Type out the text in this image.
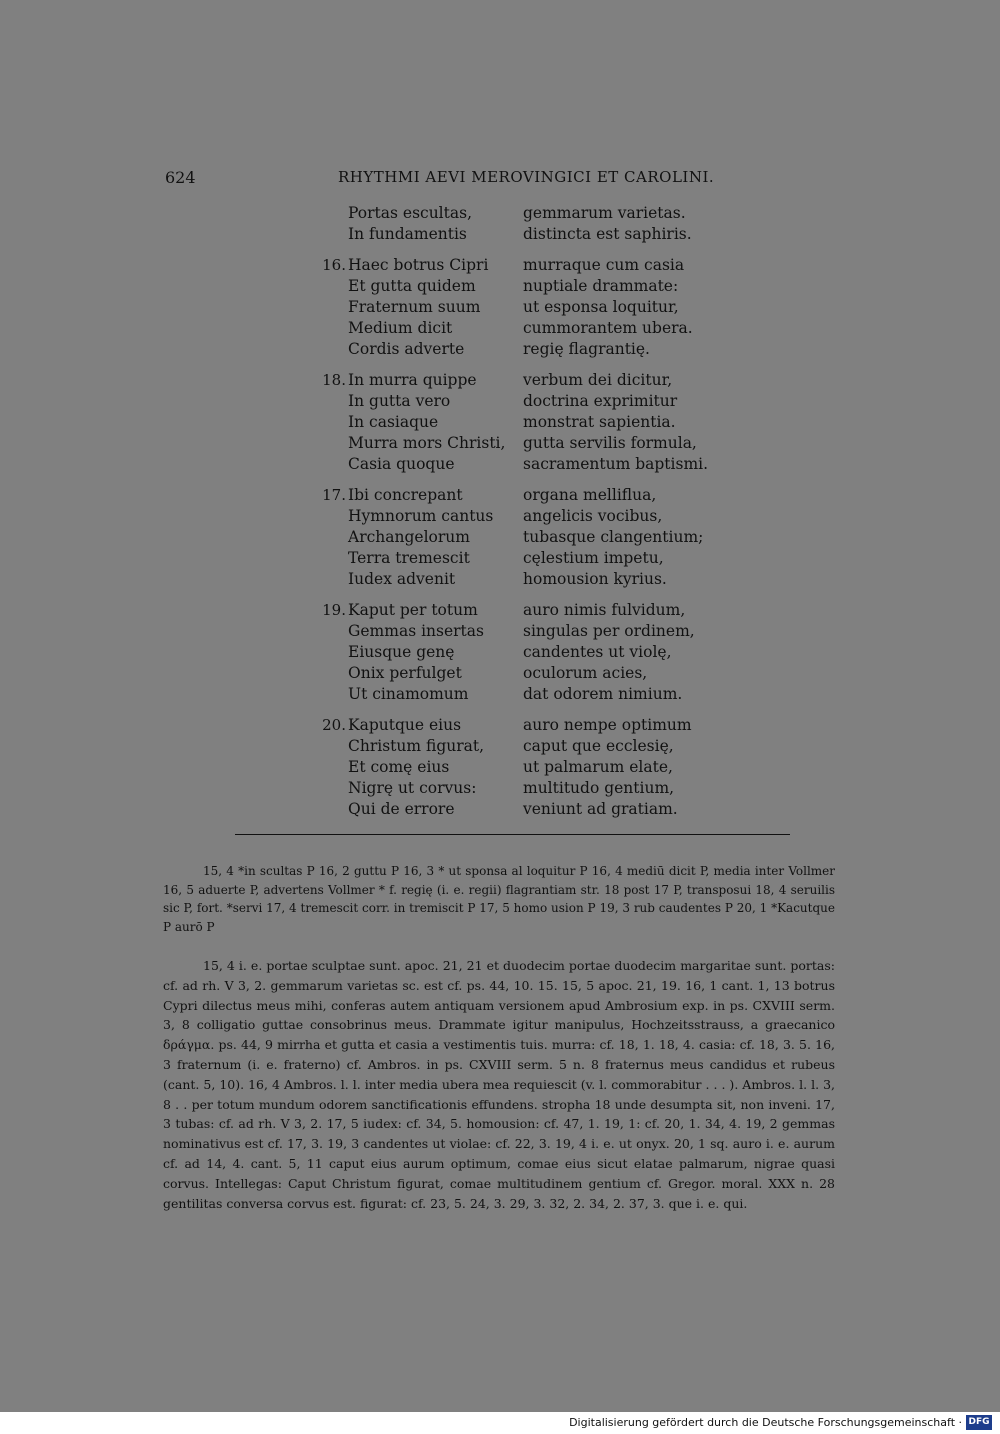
624	RHYTHMI AEVI MEROVINGICI ET CAROLINI.
Portas escultas,	gemmarum varietas.
In fundamentis	distincta est saphiris.
16. Haec botrus Cipri	murraque cum casia
Et gutta quidem	nuptiale drammate:
Fraternum suum	ut esponsa loquitur,
Medium dicit	cummorantem ubera.
Cordis adverte	regię flagrantię.
18. In murra quippe	verbum dei dicitur,
In gutta vero	doctrina exprimitur
In casiaque	monstrat sapientia.
Murra mors Christi,	gutta servilis formula,
Casia quoque	sacramentum baptismi.
17. Ibi concrepant	organa melliflua,
Hymnorum cantus	angelicis vocibus,
Archangelorum	tubasque clangentium;
Terra tremescit	cęlestium impetu,
Iudex advenit	homousion kyrius.
19. Kaput per totum	auro nimis fulvidum,
Gemmas insertas	singulas per ordinem,
Eiusque genę	candentes ut violę,
Onix perfulget	oculorum acies,
Ut cinamomum	dat odorem nimium.
20. Kaputque eius	auro nempe optimum
Christum figurat,	caput que ecclesię,
Et comę eius	ut palmarum elate,
Nigrę ut corvus:	multitudo gentium,
Qui de errore	veniunt ad gratiam.

15, 4 *in scultas P 16, 2 guttu P 16, 3 * ut sponsa al loquitur P 16, 4 mediū dicit P, media inter Vollmer 16, 5 aduerte P, advertens Vollmer * f. regię (i. e. regii) flagrantiam str. 18 post 17 P, transposui 18, 4 seruilis sic P, fort. *servi 17, 4 tremescit corr. in tremiscit P 17, 5 homo usion P 19, 3 rub caudentes P 20, 1 *Kacutque P aurō P

15, 4 i. e. portae sculptae sunt. apoc. 21, 21 et duodecim portae duodecim margaritae sunt. portas: cf. ad rh. V 3, 2. gemmarum varietas sc. est cf. ps. 44, 10. 15. 15, 5 apoc. 21, 19. 16, 1 cant. 1, 13 botrus Cypri dilectus meus mihi, conferas autem antiquam versionem apud Ambrosium exp. in ps. CXVIII serm. 3, 8 colligatio guttae consobrinus meus. Drammate igitur manipulus, Hochzeitsstrauss, a graecanico δράγμα. ps. 44, 9 mirrha et gutta et casia a vestimentis tuis. murra: cf. 18, 1. 18, 4. casia: cf. 18, 3. 5. 16, 3 fraternum (i. e. fraterno) cf. Ambros. in ps. CXVIII serm. 5 n. 8 fraternus meus candidus et rubeus (cant. 5, 10). 16, 4 Ambros. l. l. inter media ubera mea requiescit (v. l. commorabitur . . . ). Ambros. l. l. 3, 8 . . per totum mundum odorem sanctificationis effundens. stropha 18 unde desumpta sit, non inveni. 17, 3 tubas: cf. ad rh. V 3, 2. 17, 5 iudex: cf. 34, 5. homousion: cf. 47, 1. 19, 1: cf. 20, 1. 34, 4. 19, 2 gemmas nominativus est cf. 17, 3. 19, 3 candentes ut violae: cf. 22, 3. 19, 4 i. e. ut onyx. 20, 1 sq. auro i. e. aurum cf. ad 14, 4. cant. 5, 11 caput eius aurum optimum, comae eius sicut elatae palmarum, nigrae quasi corvus. Intellegas: Caput Christum figurat, comae multitudinem gentium cf. Gregor. moral. XXX n. 28 gentilitas conversa corvus est. figurat: cf. 23, 5. 24, 3. 29, 3. 32, 2. 34, 2. 37, 3. que i. e. qui.

Digitalisierung gefördert durch die Deutsche Forschungsgemeinschaft · DFG
